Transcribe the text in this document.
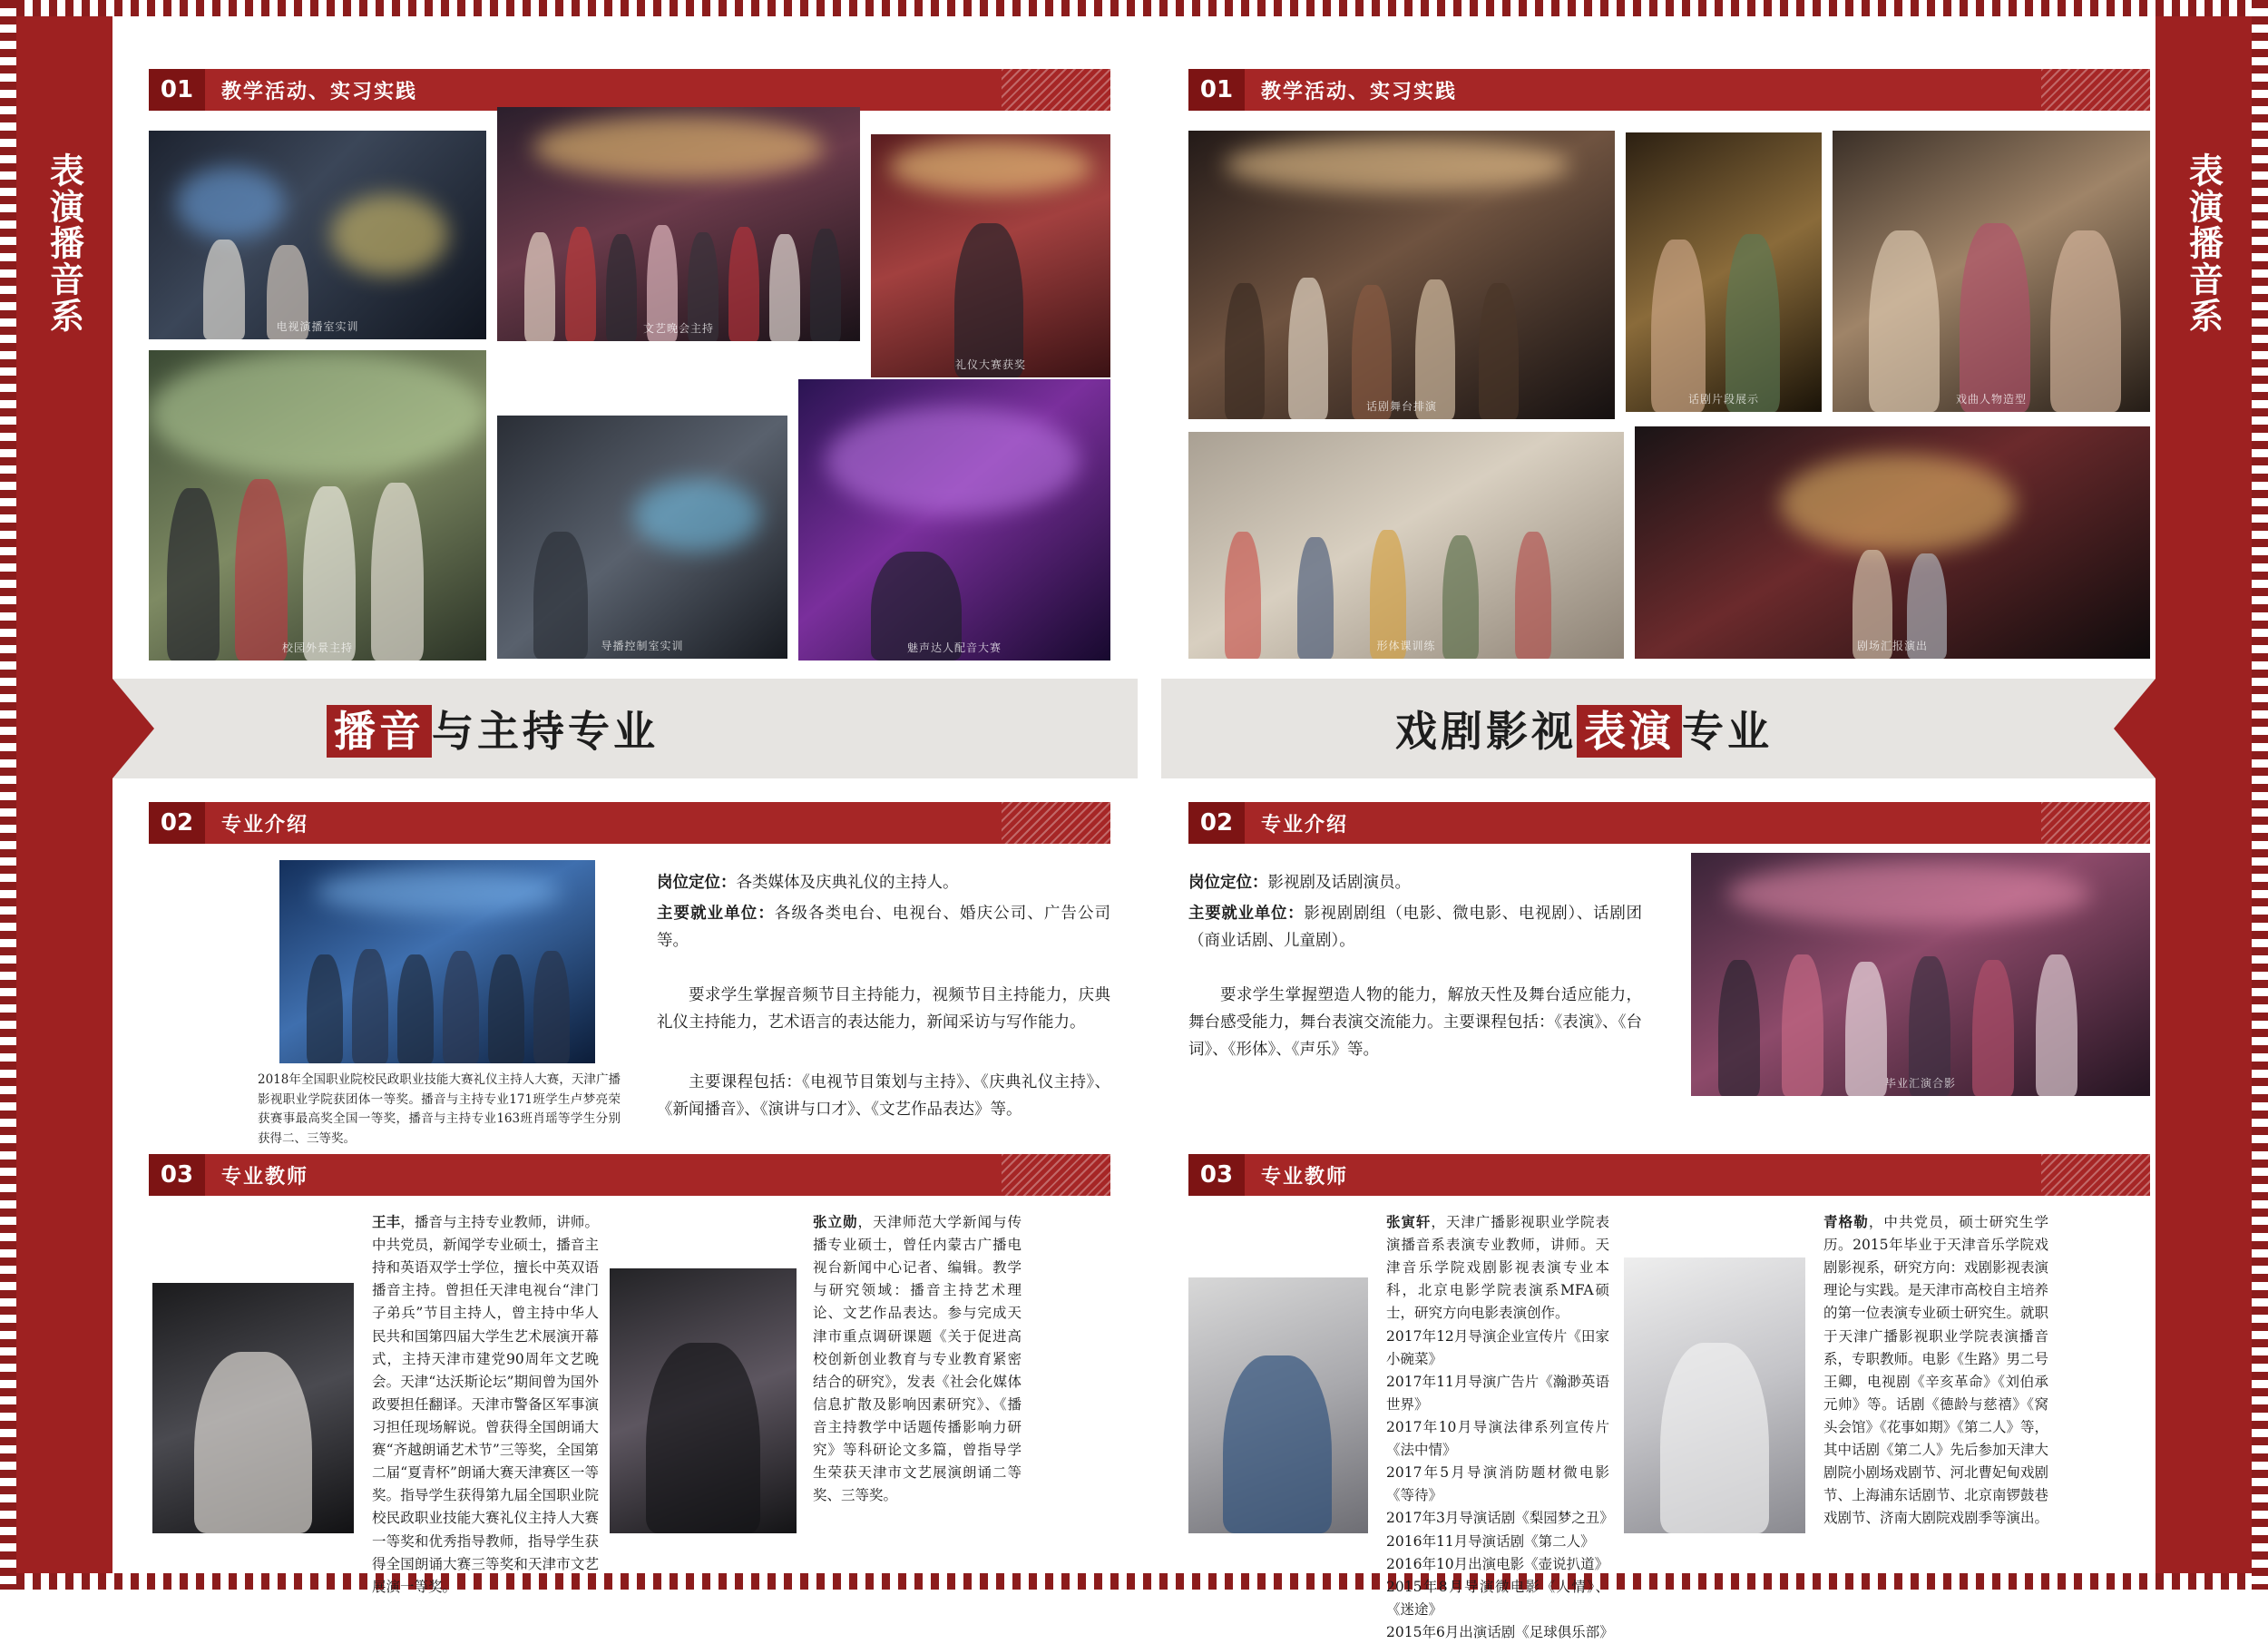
表演播音系	表演播音系
01	教学活动、实习实践
电视演播室实训	文艺晚会主持
礼仪大赛获奖
校园外景主持	导播控制室实训	魅声达人配音大赛
播音 与主持专业
02	专业介绍
2018年全国职业院校民政职业技能大赛礼仪主持人大赛，天津广播影视职业学院获团体一等奖。播音与主持专业171班学生卢梦亮荣获赛事最高奖全国一等奖，播音与主持专业163班肖瑶等学生分别获得二、三等奖。
岗位定位：各类媒体及庆典礼仪的主持人。
主要就业单位：各级各类电台、电视台、婚庆公司、广告公司等。
要求学生掌握音频节目主持能力，视频节目主持能力，庆典礼仪主持能力，艺术语言的表达能力，新闻采访与写作能力。
主要课程包括：《电视节目策划与主持》、《庆典礼仪主持》、《新闻播音》、《演讲与口才》、《文艺作品表达》等。
03	专业教师
王丰，播音与主持专业教师，讲师。中共党员，新闻学专业硕士，播音主持和英语双学士学位，擅长中英双语播音主持。曾担任天津电视台“津门子弟兵”节目主持人，曾主持中华人民共和国第四届大学生艺术展演开幕式，主持天津市建党90周年文艺晚会。天津“达沃斯论坛”期间曾为国外政要担任翻译。天津市警备区军事演习担任现场解说。曾获得全国朗诵大赛“齐越朗诵艺术节”三等奖，全国第二届“夏青杯”朗诵大赛天津赛区一等奖。指导学生获得第九届全国职业院校民政职业技能大赛礼仪主持人大赛一等奖和优秀指导教师，指导学生获得全国朗诵大赛三等奖和天津市文艺展演一等奖。
张立勋，天津师范大学新闻与传播专业硕士，曾任内蒙古广播电视台新闻中心记者、编辑。教学与研究领域：播音主持艺术理论、文艺作品表达。参与完成天津市重点调研课题《关于促进高校创新创业教育与专业教育紧密结合的研究》，发表《社会化媒体信息扩散及影响因素研究》、《播音主持教学中话题传播影响力研究》等科研论文多篇，曾指导学生荣获天津市文艺展演朗诵二等奖、三等奖。
01	教学活动、实习实践
话剧舞台排演
话剧片段展示	戏曲人物造型
形体课训练	剧场汇报演出
戏剧影视 表演 专业
02	专业介绍
岗位定位：影视剧及话剧演员。
主要就业单位：影视剧剧组（电影、微电影、电视剧）、话剧团（商业话剧、儿童剧）。
要求学生掌握塑造人物的能力，解放天性及舞台适应能力，舞台感受能力，舞台表演交流能力。主要课程包括：《表演》、《台词》、《形体》、《声乐》等。
毕业汇演合影
03	专业教师
张寅轩，天津广播影视职业学院表演播音系表演专业教师，讲师。天津音乐学院戏剧影视表演专业本科，北京电影学院表演系MFA硕士，研究方向电影表演创作。
2017年12月导演企业宣传片《田家小碗菜》
2017年11月导演广告片《瀚渺英语世界》
2017年10月导演法律系列宣传片《法中情》
2017年5月导演消防题材微电影《等待》
2017年3月导演话剧《梨园梦之丑》
2016年11月导演话剧《第二人》
2016年10月出演电影《壶说扒道》
2015年8月导演微电影《人情》、《迷途》
2015年6月出演话剧《足球俱乐部》
青格勒，中共党员，硕士研究生学历。2015年毕业于天津音乐学院戏剧影视系，研究方向：戏剧影视表演理论与实践。是天津市高校自主培养的第一位表演专业硕士研究生。就职于天津广播影视职业学院表演播音系，专职教师。电影《生路》男二号王卿，电视剧《辛亥革命》《刘伯承元帅》等。话剧《德龄与慈禧》《窝头会馆》《花事如期》《第二人》等，其中话剧《第二人》先后参加天津大剧院小剧场戏剧节、河北曹妃甸戏剧节、上海浦东话剧节、北京南锣鼓巷戏剧节、济南大剧院戏剧季等演出。
